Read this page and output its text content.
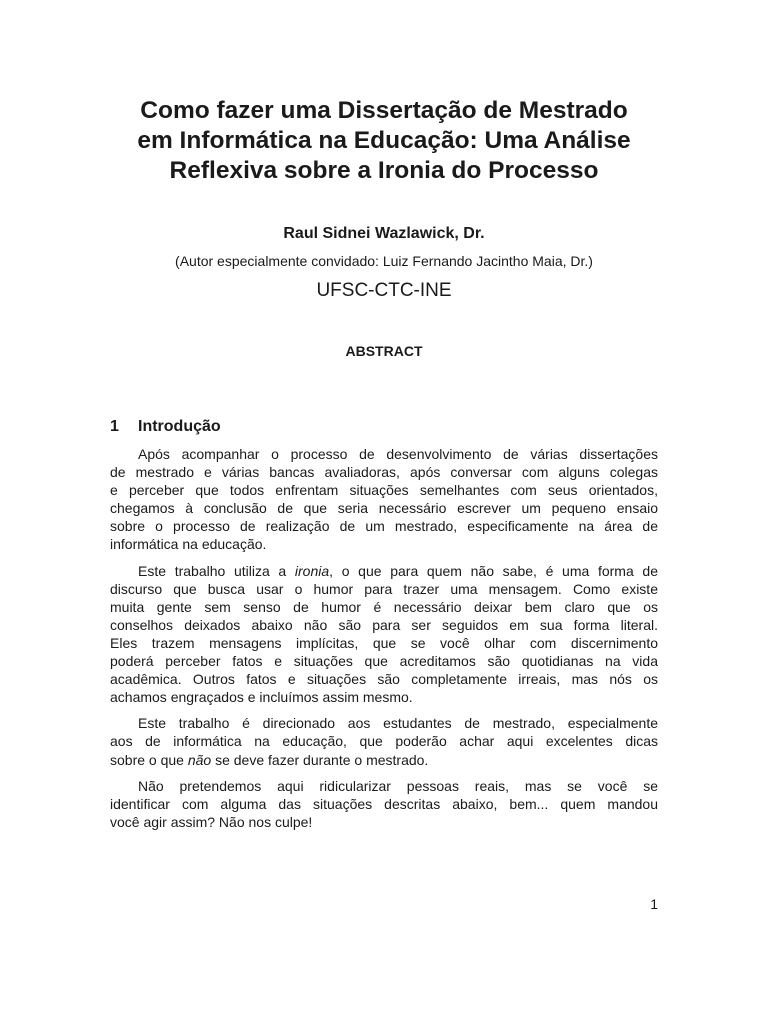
Como fazer uma Dissertação de Mestrado
em Informática na Educação: Uma Análise
Reflexiva sobre a Ironia do Processo
Raul Sidnei Wazlawick, Dr.
(Autor especialmente convidado: Luiz Fernando Jacintho Maia, Dr.)
UFSC-CTC-INE
ABSTRACT
1 Introdução

Após acompanhar o processo de desenvolvimento de várias dissertações
de mestrado e várias bancas avaliadoras, após conversar com alguns colegas
e perceber que todos enfrentam situações semelhantes com seus orientados,
chegamos à conclusão de que seria necessário escrever um pequeno ensaio
sobre o processo de realização de um mestrado, especificamente na área de
informática na educação.

Este trabalho utiliza a ironia, o que para quem não sabe, é uma forma de
discurso que busca usar o humor para trazer uma mensagem. Como existe
muita gente sem senso de humor é necessário deixar bem claro que os
conselhos deixados abaixo não são para ser seguidos em sua forma literal.
Eles trazem mensagens implícitas, que se você olhar com discernimento
poderá perceber fatos e situações que acreditamos são quotidianas na vida
acadêmica. Outros fatos e situações são completamente irreais, mas nós os
achamos engraçados e incluímos assim mesmo.

Este trabalho é direcionado aos estudantes de mestrado, especialmente
aos de informática na educação, que poderão achar aqui excelentes dicas
sobre o que não se deve fazer durante o mestrado.

Não pretendemos aqui ridicularizar pessoas reais, mas se você se
identificar com alguma das situações descritas abaixo, bem... quem mandou
você agir assim? Não nos culpe!

1
